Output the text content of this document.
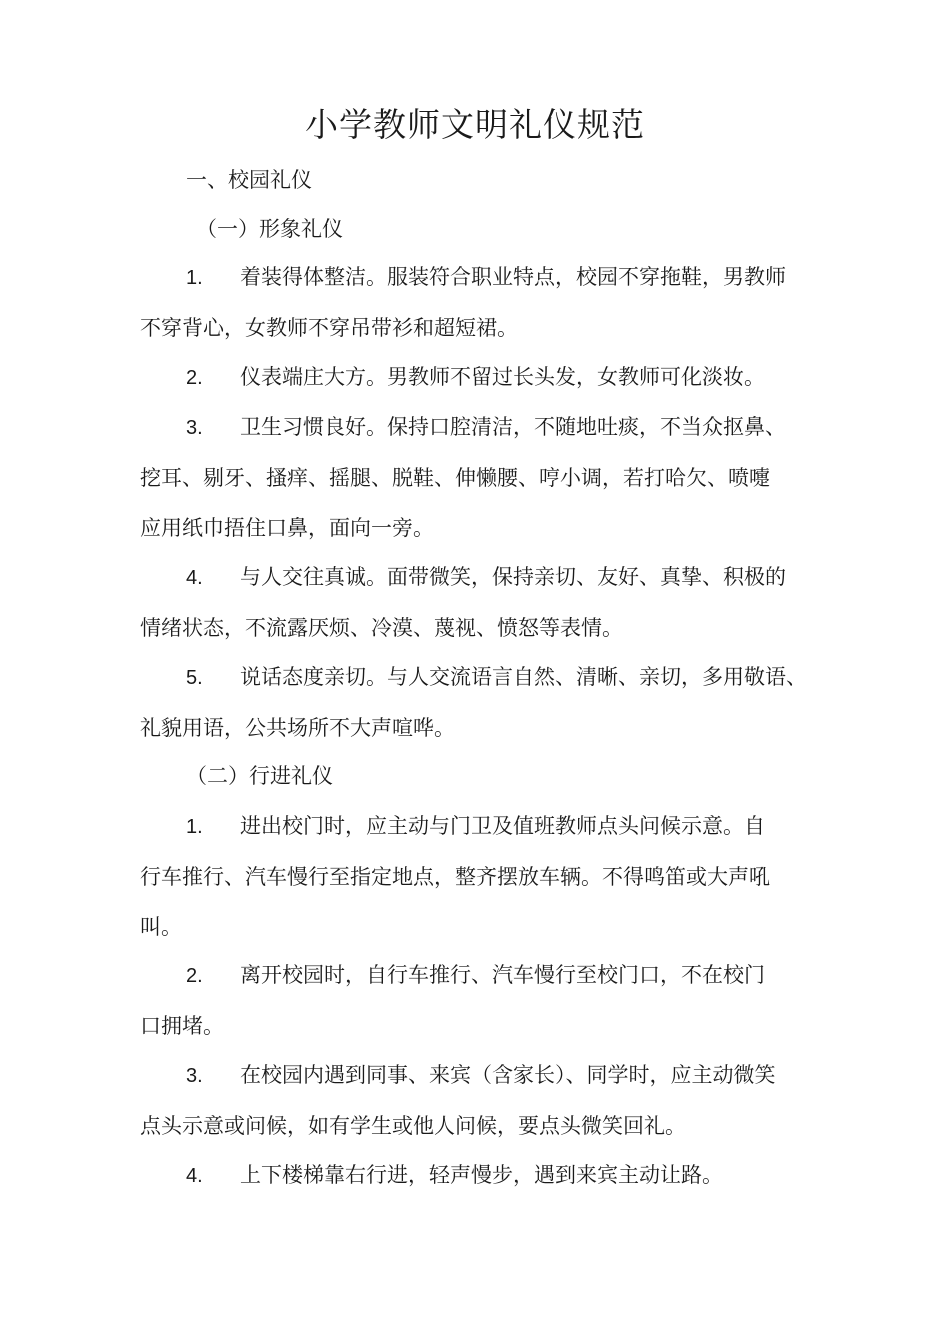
小学教师文明礼仪规范
一、校园礼仪
（一）形象礼仪
1. 着装得体整洁。服装符合职业特点，校园不穿拖鞋，男教师
不穿背心，女教师不穿吊带衫和超短裙。
2. 仪表端庄大方。男教师不留过长头发，女教师可化淡妆。
3. 卫生习惯良好。保持口腔清洁，不随地吐痰，不当众抠鼻、
挖耳、剔牙、搔痒、摇腿、脱鞋、伸懒腰、哼小调，若打哈欠、喷嚏
应用纸巾捂住口鼻，面向一旁。
4. 与人交往真诚。面带微笑，保持亲切、友好、真挚、积极的
情绪状态，不流露厌烦、冷漠、蔑视、愤怒等表情。
5. 说话态度亲切。与人交流语言自然、清晰、亲切，多用敬语、
礼貌用语，公共场所不大声喧哗。
（二）行进礼仪
1. 进出校门时，应主动与门卫及值班教师点头问候示意。自
行车推行、汽车慢行至指定地点，整齐摆放车辆。不得鸣笛或大声吼
叫。
2. 离开校园时，自行车推行、汽车慢行至校门口，不在校门
口拥堵。
3. 在校园内遇到同事、来宾（含家长）、同学时，应主动微笑
点头示意或问候，如有学生或他人问候，要点头微笑回礼。
4. 上下楼梯靠右行进，轻声慢步，遇到来宾主动让路。
